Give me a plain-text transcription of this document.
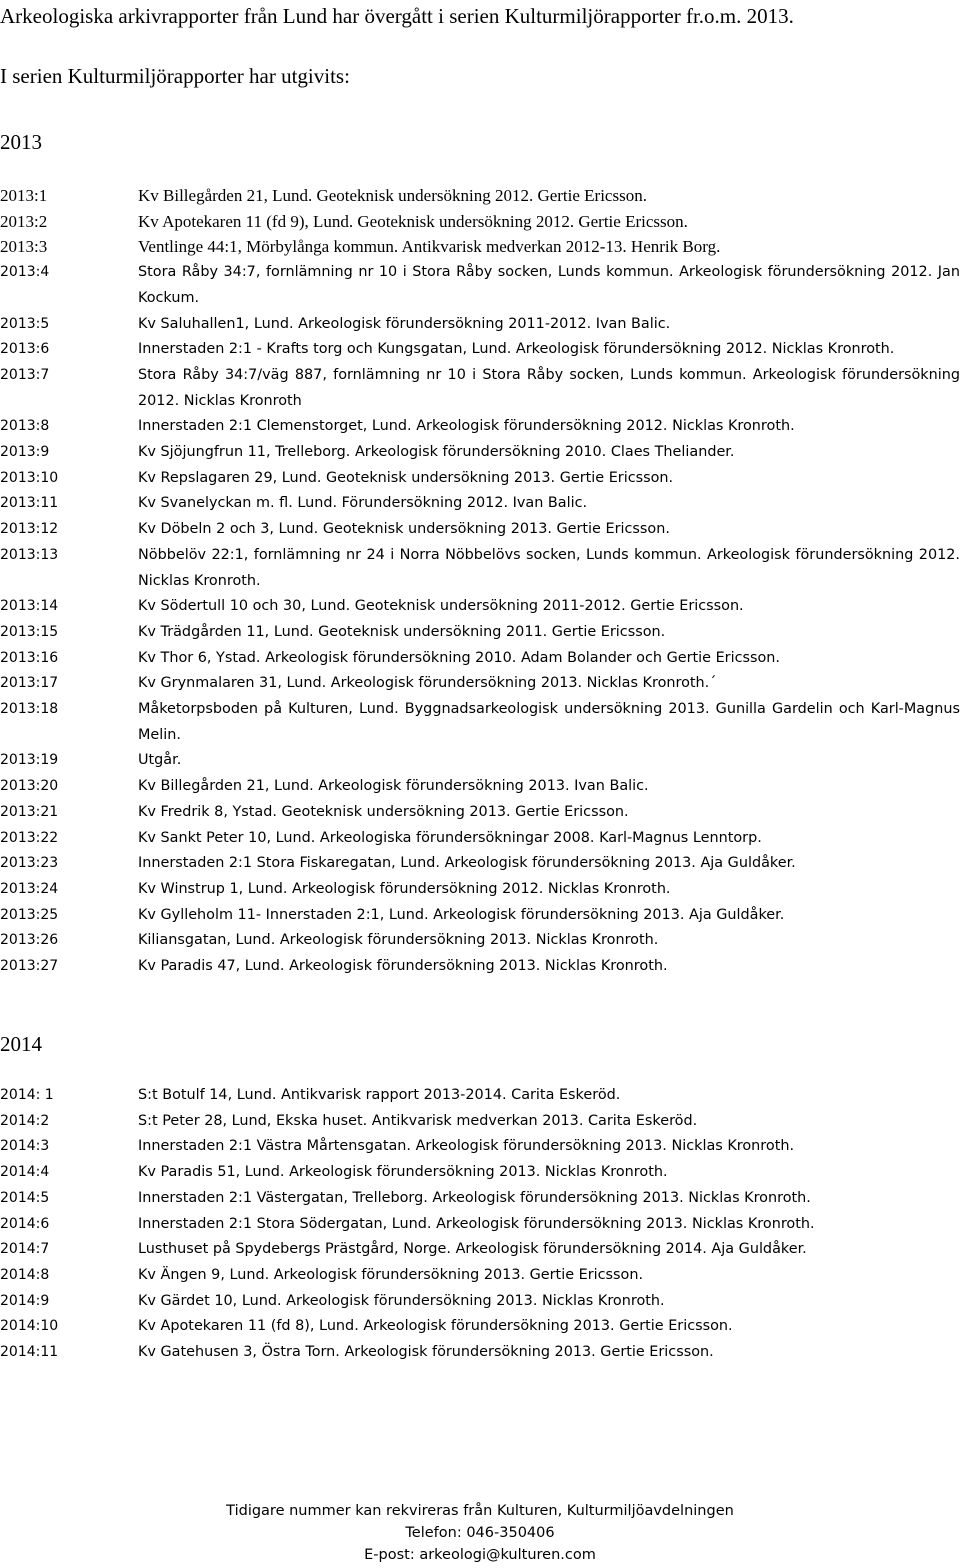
Arkeologiska arkivrapporter från Lund har övergått i serien Kulturmiljörapporter fr.o.m. 2013.
I serien Kulturmiljörapporter har utgivits:
2013
2013:1	Kv Billegården 21, Lund. Geoteknisk undersökning 2012. Gertie Ericsson.
2013:2	Kv Apotekaren 11 (fd 9), Lund. Geoteknisk undersökning 2012. Gertie Ericsson.
2013:3	Ventlinge 44:1, Mörbylånga kommun. Antikvarisk medverkan 2012-13. Henrik Borg.
2013:4	Stora Råby 34:7, fornlämning nr 10 i Stora Råby socken, Lunds kommun. Arkeologisk förundersökning 2012. Jan Kockum.
2013:5	Kv Saluhallen1, Lund. Arkeologisk förundersökning 2011-2012. Ivan Balic.
2013:6	Innerstaden 2:1 - Krafts torg och Kungsgatan, Lund. Arkeologisk förundersökning 2012. Nicklas Kronroth.
2013:7	Stora Råby 34:7/väg 887, fornlämning nr 10 i Stora Råby socken, Lunds kommun. Arkeologisk förundersökning 2012. Nicklas Kronroth
2013:8	Innerstaden 2:1 Clemenstorget, Lund. Arkeologisk förundersökning 2012. Nicklas Kronroth.
2013:9	Kv Sjöjungfrun 11, Trelleborg. Arkeologisk förundersökning 2010. Claes Theliander.
2013:10	Kv Repslagaren 29, Lund. Geoteknisk undersökning 2013. Gertie Ericsson.
2013:11	Kv Svanelyckan m. fl. Lund. Förundersökning 2012. Ivan Balic.
2013:12	Kv Döbeln 2 och 3, Lund. Geoteknisk undersökning 2013. Gertie Ericsson.
2013:13	Nöbbelöv 22:1, fornlämning nr 24 i Norra Nöbbelövs socken, Lunds kommun. Arkeologisk förundersökning 2012. Nicklas Kronroth.
2013:14	Kv Södertull 10 och 30, Lund. Geoteknisk undersökning 2011-2012. Gertie Ericsson.
2013:15	Kv Trädgården 11, Lund. Geoteknisk undersökning 2011. Gertie Ericsson.
2013:16	Kv Thor 6, Ystad. Arkeologisk förundersökning 2010. Adam Bolander och Gertie Ericsson.
2013:17	Kv Grynmalaren 31, Lund. Arkeologisk förundersökning 2013. Nicklas Kronroth.´
2013:18	Måketorpsboden på Kulturen, Lund. Byggnadsarkeologisk undersökning 2013. Gunilla Gardelin och Karl-Magnus Melin.
2013:19	Utgår.
2013:20	Kv Billegården 21, Lund. Arkeologisk förundersökning 2013. Ivan Balic.
2013:21	Kv Fredrik 8, Ystad. Geoteknisk undersökning 2013. Gertie Ericsson.
2013:22	Kv Sankt Peter 10, Lund. Arkeologiska förundersökningar 2008. Karl-Magnus Lenntorp.
2013:23	Innerstaden 2:1 Stora Fiskaregatan, Lund. Arkeologisk förundersökning 2013. Aja Guldåker.
2013:24	Kv Winstrup 1, Lund. Arkeologisk förundersökning 2012. Nicklas Kronroth.
2013:25	Kv Gylleholm 11- Innerstaden 2:1, Lund. Arkeologisk förundersökning 2013. Aja Guldåker.
2013:26	Kiliansgatan, Lund. Arkeologisk förundersökning 2013. Nicklas Kronroth.
2013:27	Kv Paradis 47, Lund. Arkeologisk förundersökning 2013. Nicklas Kronroth.
2014
2014: 1	S:t Botulf 14, Lund. Antikvarisk rapport 2013-2014. Carita Eskeröd.
2014:2	S:t Peter 28, Lund, Ekska huset. Antikvarisk medverkan 2013. Carita Eskeröd.
2014:3	Innerstaden 2:1 Västra Mårtensgatan. Arkeologisk förundersökning 2013. Nicklas Kronroth.
2014:4	Kv Paradis 51, Lund. Arkeologisk förundersökning 2013. Nicklas Kronroth.
2014:5	Innerstaden 2:1 Västergatan, Trelleborg. Arkeologisk förundersökning 2013. Nicklas Kronroth.
2014:6	Innerstaden 2:1 Stora Södergatan, Lund. Arkeologisk förundersökning 2013. Nicklas Kronroth.
2014:7	Lusthuset på Spydebergs Prästgård, Norge. Arkeologisk förundersökning 2014. Aja Guldåker.
2014:8	Kv Ängen 9, Lund. Arkeologisk förundersökning 2013. Gertie Ericsson.
2014:9	Kv Gärdet 10, Lund. Arkeologisk förundersökning 2013. Nicklas Kronroth.
2014:10	Kv Apotekaren 11 (fd 8), Lund. Arkeologisk förundersökning 2013. Gertie Ericsson.
2014:11	Kv Gatehusen 3, Östra Torn. Arkeologisk förundersökning 2013. Gertie Ericsson.
Tidigare nummer kan rekvireras från Kulturen, Kulturmiljöavdelningen
Telefon: 046-350406
E-post: arkeologi@kulturen.com
